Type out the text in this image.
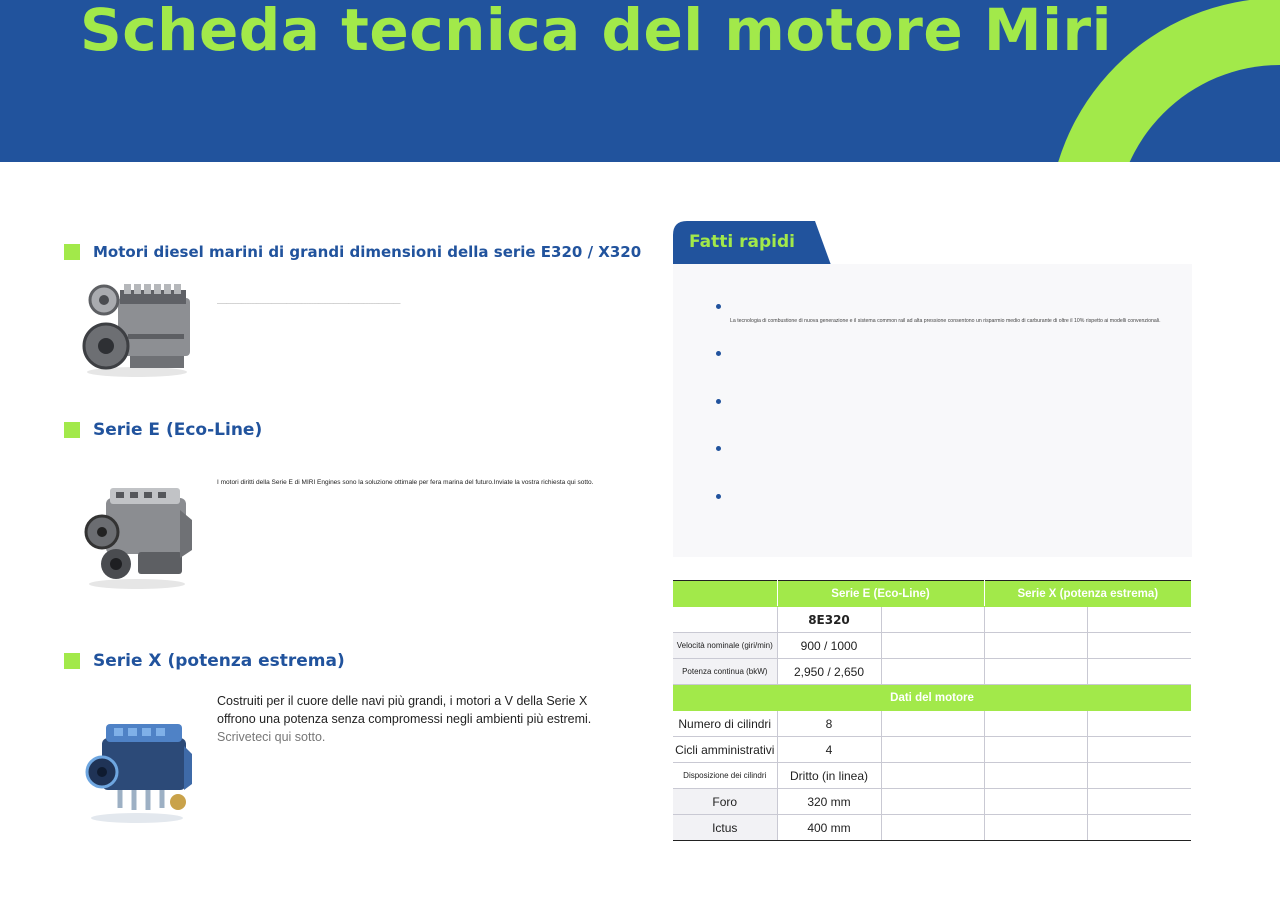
Scheda tecnica del motore Miri
Motori diesel marini di grandi dimensioni della serie E320 / X320
──────────────────────────────────────────────────────────────────────────
Serie E (Eco-Line)
I motori diritti della Serie E di MIRI Engines sono la soluzione ottimale per fera marina del futuro.Inviate la vostra richiesta qui sotto.
Serie X (potenza estrema)
Costruiti per il cuore delle navi più grandi, i motori a V della Serie X offrono una potenza senza compromessi negli ambienti più estremi. Scriveteci qui sotto.
Fatti rapidi
La tecnologia di combustione di nuova generazione e il sistema common rail ad alta pressione consentono un risparmio medio di carburante di oltre il 10% rispetto ai modelli convenzionali.
	Serie E (Eco-Line)		Serie X (potenza estrema)	
	8E320			
Velocità nominale (giri/min)	900 / 1000			
Potenza continua (bkW)	2,950 / 2,650			
Dati del motore				
Numero di cilindri	8			
Cicli amministrativi	4			
Disposizione dei cilindri	Dritto (in linea)			
Foro	320 mm			
Ictus	400 mm			
